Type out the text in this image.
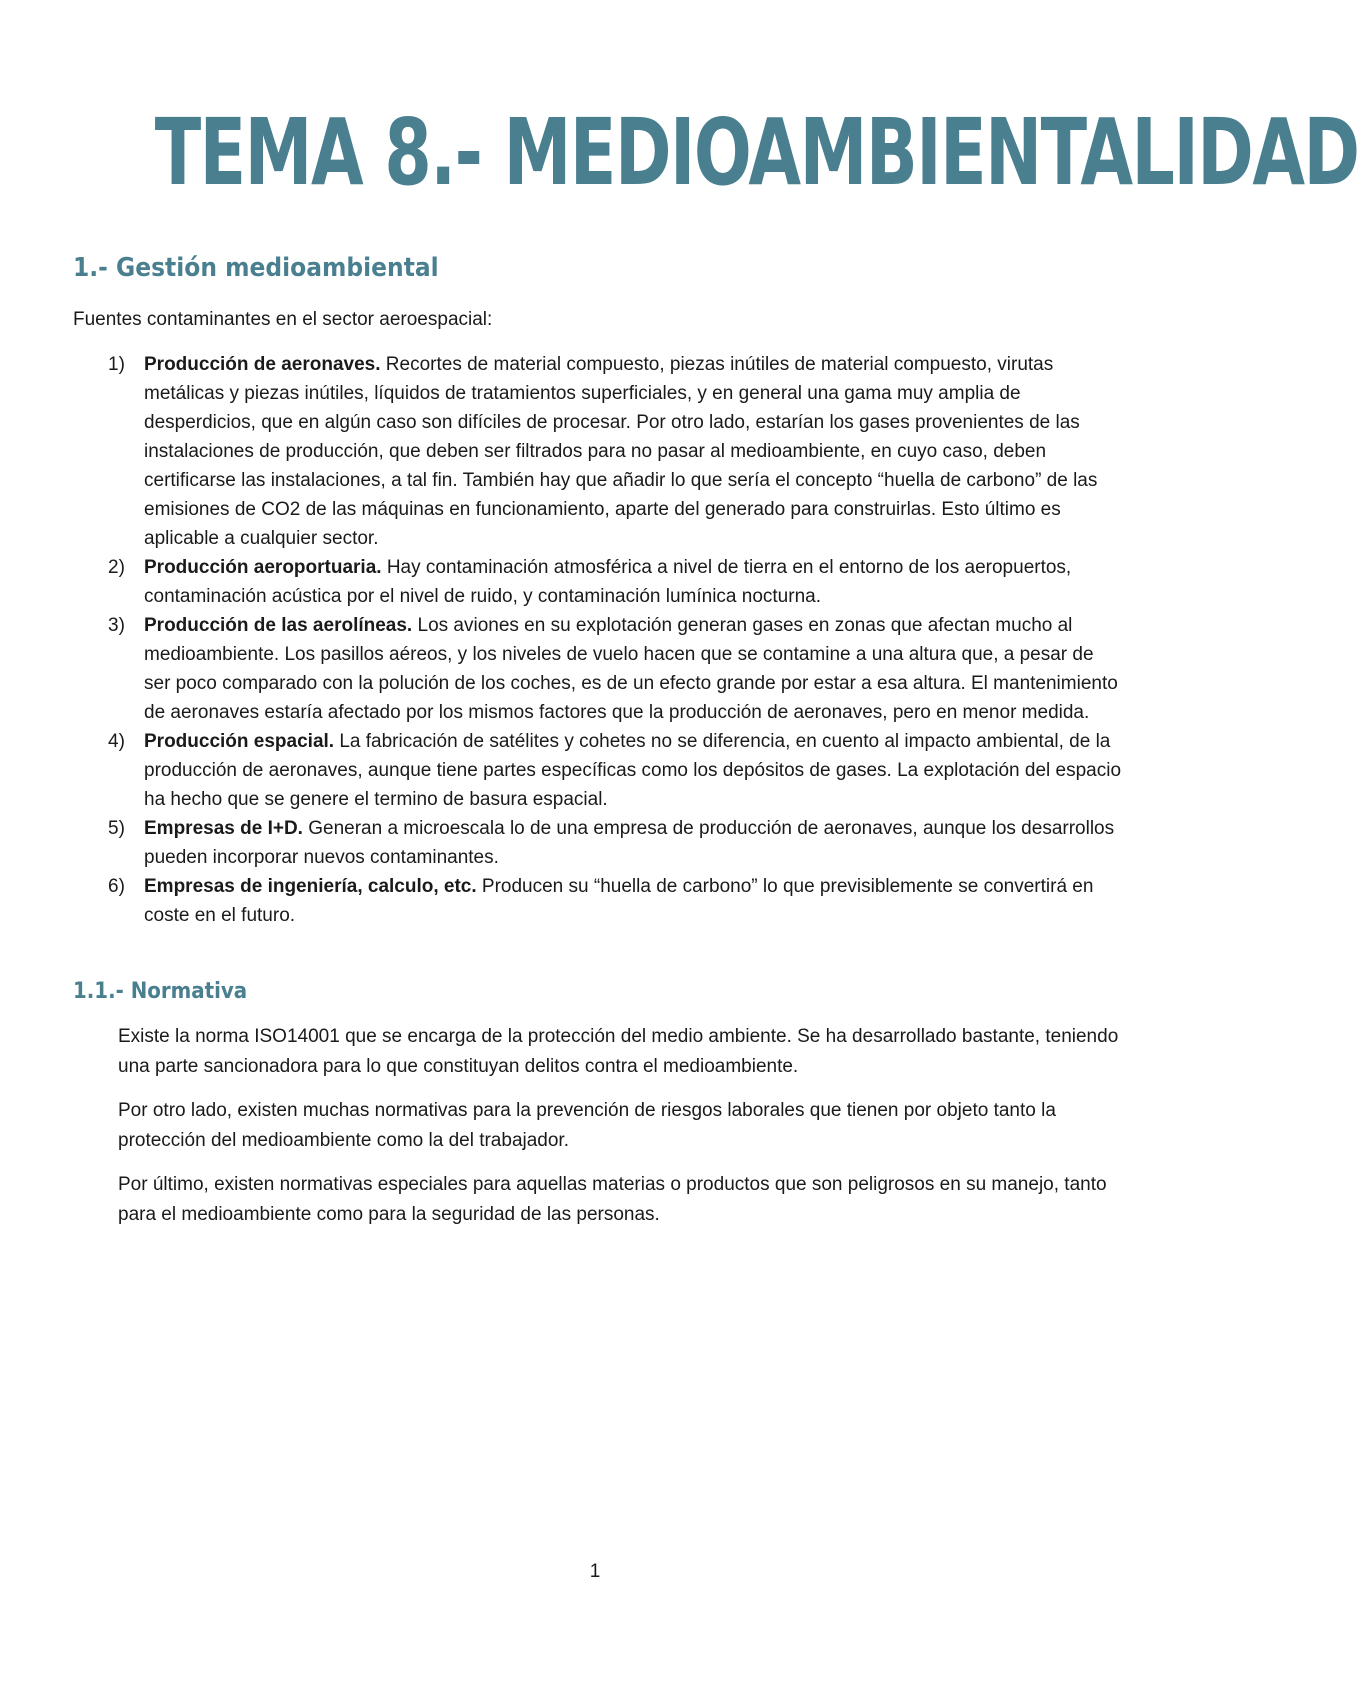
TEMA 8.- MEDIOAMBIENTALIDAD
1.- Gestión medioambiental

Fuentes contaminantes en el sector aeroespacial:

1) Producción de aeronaves. Recortes de material compuesto, piezas inútiles de material compuesto, virutas metálicas y piezas inútiles, líquidos de tratamientos superficiales, y en general una gama muy amplia de desperdicios, que en algún caso son difíciles de procesar. Por otro lado, estarían los gases provenientes de las instalaciones de producción, que deben ser filtrados para no pasar al medioambiente, en cuyo caso, deben certificarse las instalaciones, a tal fin. También hay que añadir lo que sería el concepto “huella de carbono” de las emisiones de CO2 de las máquinas en funcionamiento, aparte del generado para construirlas. Esto último es aplicable a cualquier sector.
2) Producción aeroportuaria. Hay contaminación atmosférica a nivel de tierra en el entorno de los aeropuertos, contaminación acústica por el nivel de ruido, y contaminación lumínica nocturna.
3) Producción de las aerolíneas. Los aviones en su explotación generan gases en zonas que afectan mucho al medioambiente. Los pasillos aéreos, y los niveles de vuelo hacen que se contamine a una altura que, a pesar de ser poco comparado con la polución de los coches, es de un efecto grande por estar a esa altura. El mantenimiento de aeronaves estaría afectado por los mismos factores que la producción de aeronaves, pero en menor medida.
4) Producción espacial. La fabricación de satélites y cohetes no se diferencia, en cuento al impacto ambiental, de la producción de aeronaves, aunque tiene partes específicas como los depósitos de gases. La explotación del espacio ha hecho que se genere el termino de basura espacial.
5) Empresas de I+D. Generan a microescala lo de una empresa de producción de aeronaves, aunque los desarrollos pueden incorporar nuevos contaminantes.
6) Empresas de ingeniería, calculo, etc. Producen su “huella de carbono” lo que previsiblemente se convertirá en coste en el futuro.
1.1.- Normativa

Existe la norma ISO14001 que se encarga de la protección del medio ambiente. Se ha desarrollado bastante, teniendo una parte sancionadora para lo que constituyan delitos contra el medioambiente.

Por otro lado, existen muchas normativas para la prevención de riesgos laborales que tienen por objeto tanto la protección del medioambiente como la del trabajador.

Por último, existen normativas especiales para aquellas materias o productos que son peligrosos en su manejo, tanto para el medioambiente como para la seguridad de las personas.

1
